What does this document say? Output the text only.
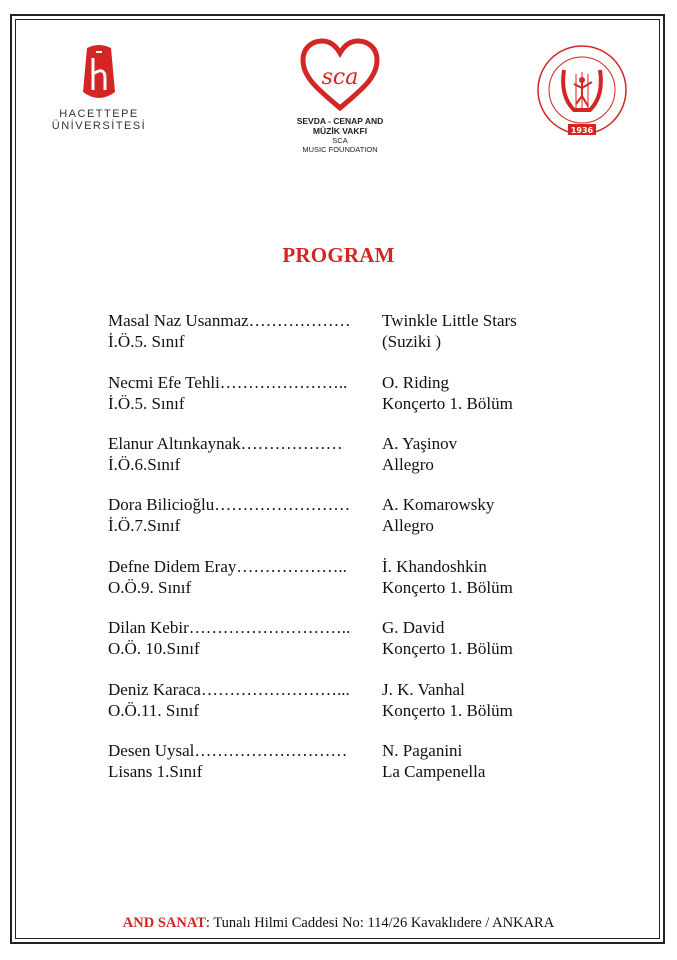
HACETTEPE
ÜNİVERSİTESİ
sca
SEVDA - CENAP AND
MÜZİK VAKFI
SCA
MUSIC FOUNDATION
1936
PROGRAM
Masal Naz Usanmaz………………	Twinkle Little Stars
İ.Ö.5. Sınıf	(Suziki )
Necmi Efe Tehli…………………..	O. Riding
İ.Ö.5. Sınıf	Konçerto 1. Bölüm
Elanur Altınkaynak………………	A. Yaşinov
İ.Ö.6.Sınıf	Allegro
Dora Bilicioğlu……………………	A. Komarowsky
İ.Ö.7.Sınıf	Allegro
Defne Didem Eray………………..	İ. Khandoshkin
O.Ö.9. Sınıf	Konçerto 1. Bölüm
Dilan Kebir………………………..	G. David
O.Ö. 10.Sınıf	Konçerto 1. Bölüm
Deniz Karaca……………………...	J. K. Vanhal
O.Ö.11. Sınıf	Konçerto 1. Bölüm
Desen Uysal………………………	N. Paganini
Lisans 1.Sınıf	La Campenella
AND SANAT: Tunalı Hilmi Caddesi No: 114/26 Kavaklıdere / ANKARA
